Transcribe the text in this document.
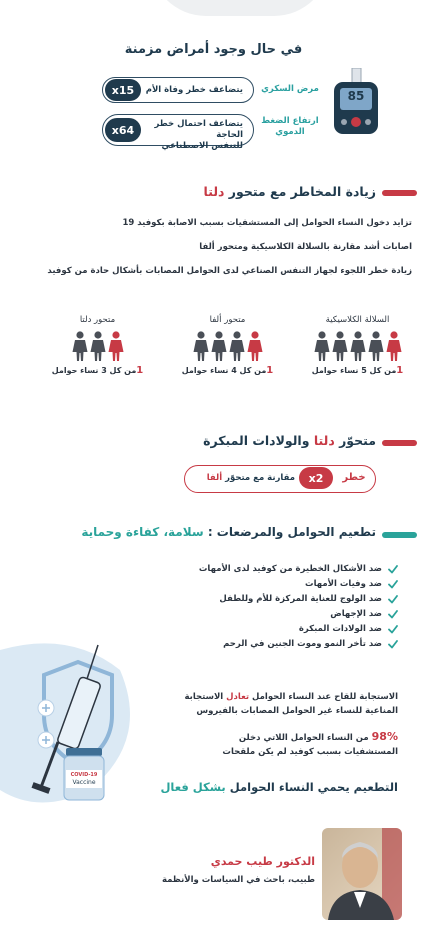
في حال وجود أمراض مزمنة
85
مرض السكري
x15	يتضاعف خطر وفاة الأم
ارتفاع الضغط
الدموي
x64	يتضاعف احتمال خطر الحاجة
للتنفس الاصطناعي
زيادة المخاطر مع متحور دلتا
تزايد دخول النساء الحوامل إلى المستشفيات بسبب الاصابة بكوفيد 19
اصابات أشد مقارنة بالسلالة الكلاسيكية ومتحور ألفا
زيادة خطر اللجوء لجهاز التنفس الصناعي لدى الحوامل المصابات بأشكال حادة من كوفيد
السلالة الكلاسيكية
1من كل 5 نساء حوامل
متحور ألفا
1من كل 4 نساء حوامل
متحور دلتا
1من كل 3 نساء حوامل
متحوّر دلتا والولادات المبكرة
x2	خطر
مقارنة مع متحوّر ألفا
تطعيم الحوامل والمرضعات : سلامة، كفاءة وحماية
ضد الأشكال الخطيرة من كوفيد لدى الأمهات
ضد وفيات الأمهات
ضد الولوج للعناية المركزة للأم وللطفل
ضد الإجهاض
ضد الولادات المبكرة
ضد تأخر النمو وموت الجنين في الرحم
COVID-19
Vaccine
الاستجابة للقاح عند النساء الحوامل تعادل الاستجابة
المناعية للنساء غير الحوامل المصابات بالفيروس
98% من النساء الحوامل اللاتي دخلن
المستشفيات بسبب كوفيد لم يكن ملقحات
التطعيم يحمي النساء الحوامل بشكل فعال
الدكتور طيب حمدي
طبيب، باحث في السياسات والأنظمة
